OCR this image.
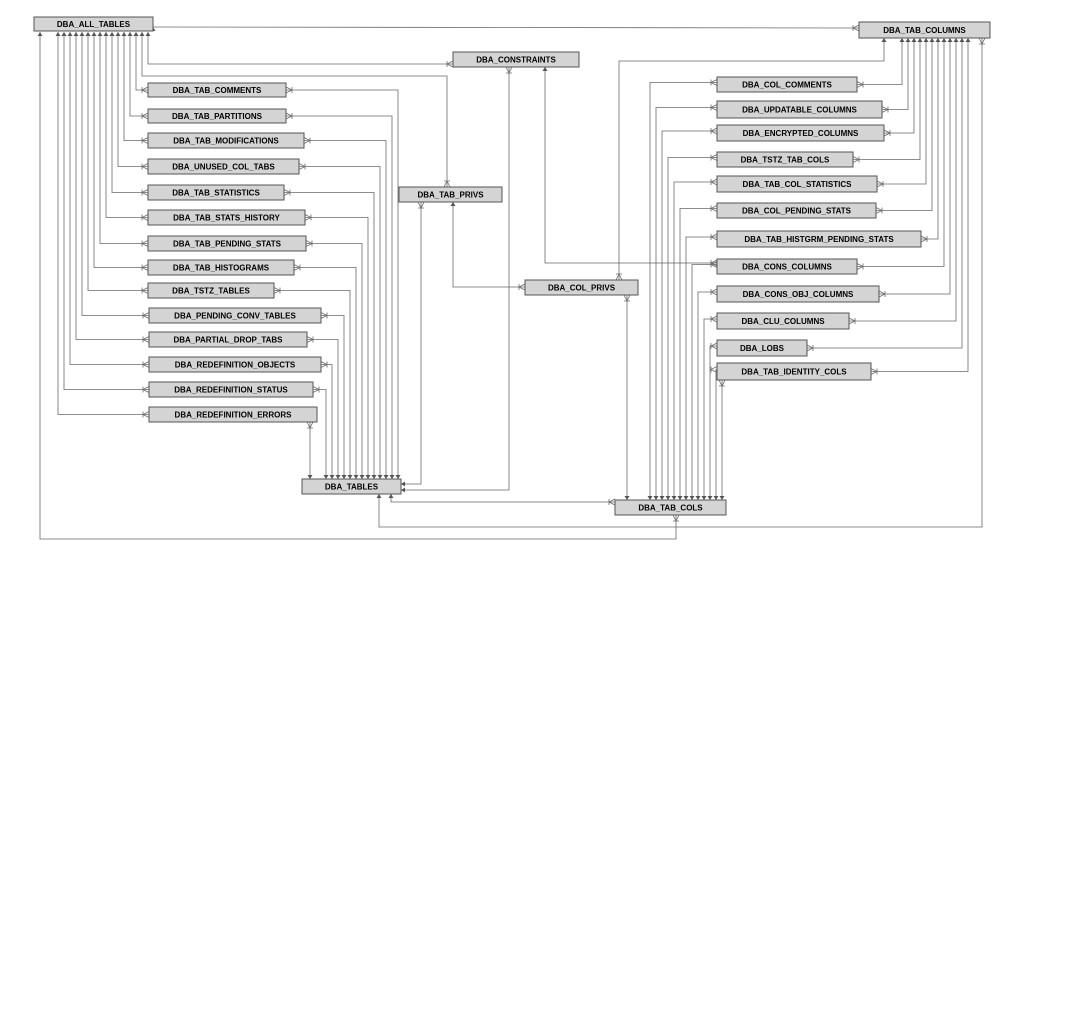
DBA_ALL_TABLES
DBA_TAB_COLUMNS
DBA_CONSTRAINTS
DBA_TAB_COMMENTS
DBA_TAB_PARTITIONS
DBA_TAB_MODIFICATIONS
DBA_UNUSED_COL_TABS
DBA_TAB_STATISTICS
DBA_TAB_STATS_HISTORY
DBA_TAB_PENDING_STATS
DBA_TAB_HISTOGRAMS
DBA_TSTZ_TABLES
DBA_PENDING_CONV_TABLES
DBA_PARTIAL_DROP_TABS
DBA_REDEFINITION_OBJECTS
DBA_REDEFINITION_STATUS
DBA_REDEFINITION_ERRORS
DBA_TAB_PRIVS
DBA_COL_PRIVS
DBA_TABLES
DBA_TAB_COLS
DBA_COL_COMMENTS
DBA_UPDATABLE_COLUMNS
DBA_ENCRYPTED_COLUMNS
DBA_TSTZ_TAB_COLS
DBA_TAB_COL_STATISTICS
DBA_COL_PENDING_STATS
DBA_TAB_HISTGRM_PENDING_STATS
DBA_CONS_COLUMNS
DBA_CONS_OBJ_COLUMNS
DBA_CLU_COLUMNS
DBA_LOBS
DBA_TAB_IDENTITY_COLS
